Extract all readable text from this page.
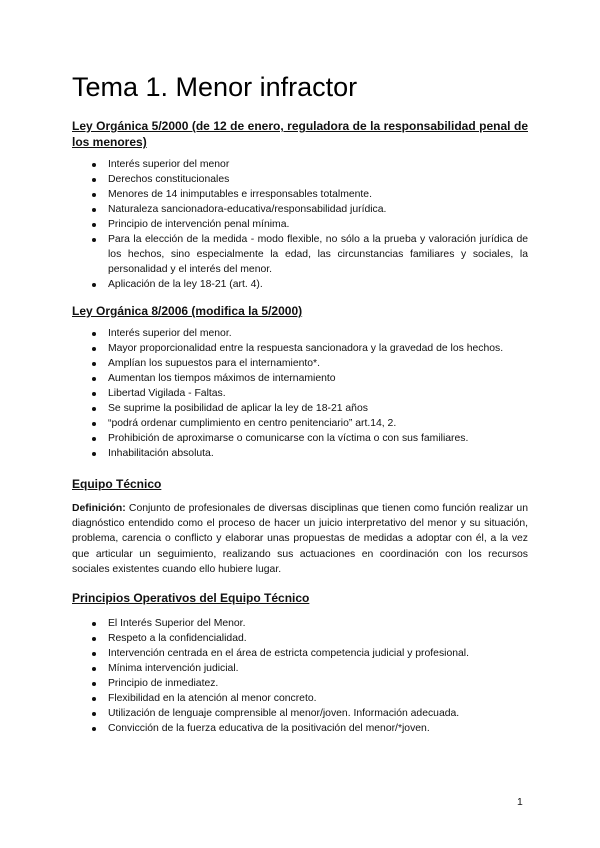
Tema 1. Menor infractor
Ley Orgánica 5/2000 (de 12 de enero, reguladora de la responsabilidad penal de los menores)
Interés superior del menor
Derechos constitucionales
Menores de 14 inimputables e irresponsables totalmente.
Naturaleza sancionadora-educativa/responsabilidad jurídica.
Principio de intervención penal mínima.
Para la elección de la medida - modo flexible, no sólo a la prueba y valoración jurídica de los hechos, sino especialmente la edad, las circunstancias familiares y sociales, la personalidad y el interés del menor.
Aplicación de la ley 18-21 (art. 4).
Ley Orgánica 8/2006 (modifica la 5/2000)
Interés superior del menor.
Mayor proporcionalidad entre la respuesta sancionadora y la gravedad de los hechos.
Amplían los supuestos para el internamiento*.
Aumentan los tiempos máximos de internamiento
Libertad Vigilada - Faltas.
Se suprime la posibilidad de aplicar la ley de 18-21 años
“podrá ordenar cumplimiento en centro penitenciario” art.14, 2.
Prohibición de aproximarse o comunicarse con la víctima o con sus familiares.
Inhabilitación absoluta.
Equipo Técnico

Definición: Conjunto de profesionales de diversas disciplinas que tienen como función realizar un diagnóstico entendido como el proceso de hacer un juicio interpretativo del menor y su situación, problema, carencia o conflicto y elaborar unas propuestas de medidas a adoptar con él, a la vez que articular un seguimiento, realizando sus actuaciones en coordinación con los recursos sociales existentes cuando ello hubiere lugar.

Principios Operativos del Equipo Técnico
El Interés Superior del Menor.
Respeto a la confidencialidad.
Intervención centrada en el área de estricta competencia judicial y profesional.
Mínima intervención judicial.
Principio de inmediatez.
Flexibilidad en la atención al menor concreto.
Utilización de lenguaje comprensible al menor/joven. Información adecuada.
Convicción de la fuerza educativa de la positivación del menor/*joven.
1
